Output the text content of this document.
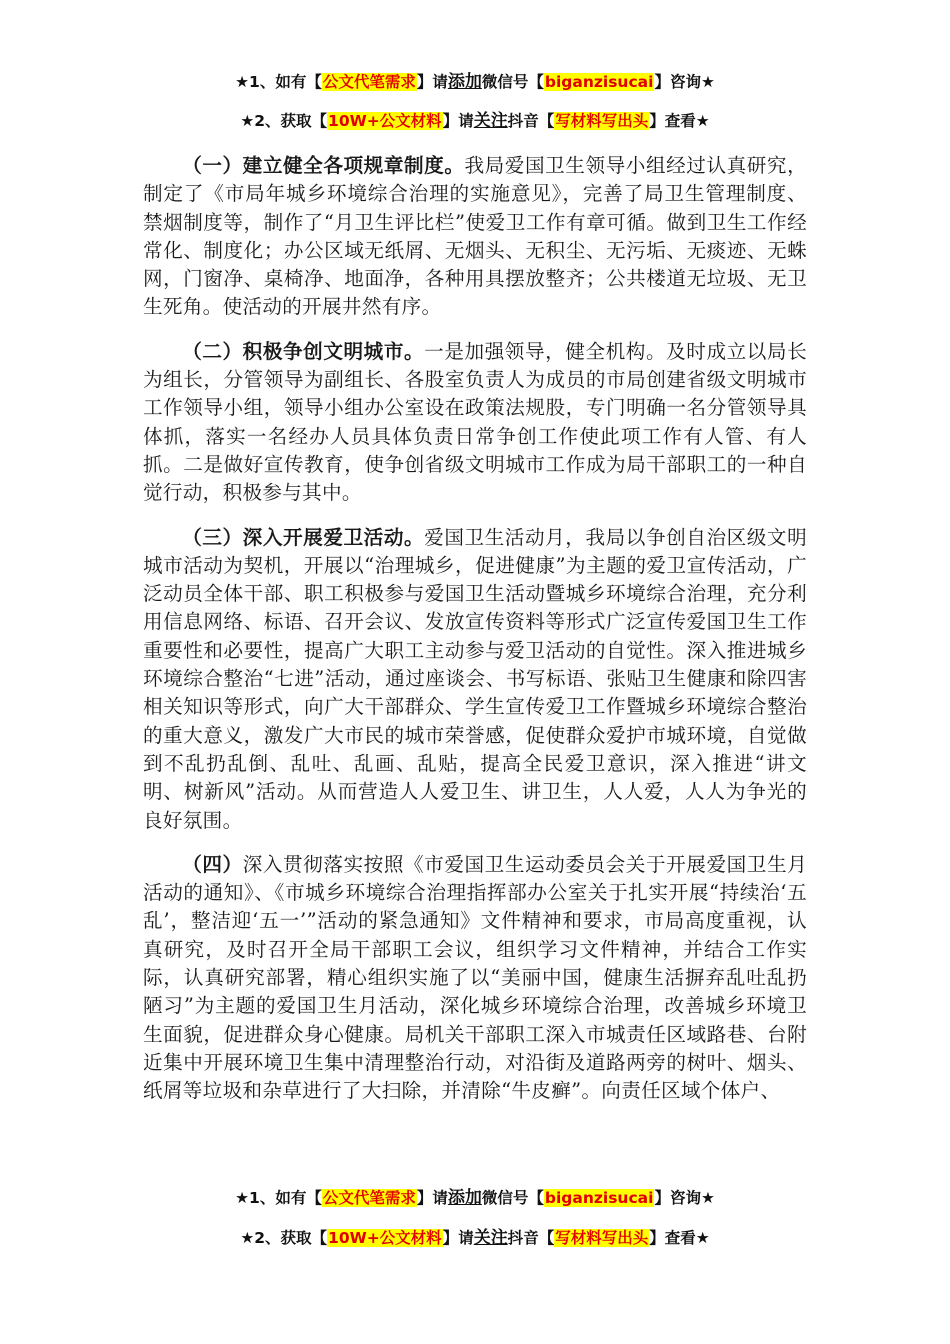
★1、如有【公文代笔需求】请添加微信号【biganzisucai】咨询★
★2、获取【10W+公文材料】请关注抖音【写材料写出头】查看★

（一）建立健全各项规章制度。我局爱国卫生领导小组经过认真研究，制定了《市局年城乡环境综合治理的实施意见》，完善了局卫生管理制度、禁烟制度等，制作了“月卫生评比栏”使爱卫工作有章可循。做到卫生工作经常化、制度化；办公区域无纸屑、无烟头、无积尘、无污垢、无痰迹、无蛛网，门窗净、桌椅净、地面净，各种用具摆放整齐；公共楼道无垃圾、无卫生死角。使活动的开展井然有序。

（二）积极争创文明城市。一是加强领导，健全机构。及时成立以局长为组长，分管领导为副组长、各股室负责人为成员的市局创建省级文明城市工作领导小组，领导小组办公室设在政策法规股，专门明确一名分管领导具体抓，落实一名经办人员具体负责日常争创工作使此项工作有人管、有人抓。二是做好宣传教育，使争创省级文明城市工作成为局干部职工的一种自觉行动，积极参与其中。

（三）深入开展爱卫活动。爱国卫生活动月，我局以争创自治区级文明城市活动为契机，开展以“治理城乡，促进健康”为主题的爱卫宣传活动，广泛动员全体干部、职工积极参与爱国卫生活动暨城乡环境综合治理，充分利用信息网络、标语、召开会议、发放宣传资料等形式广泛宣传爱国卫生工作重要性和必要性，提高广大职工主动参与爱卫活动的自觉性。深入推进城乡环境综合整治“七进”活动，通过座谈会、书写标语、张贴卫生健康和除四害相关知识等形式，向广大干部群众、学生宣传爱卫工作暨城乡环境综合整治的重大意义，激发广大市民的城市荣誉感，促使群众爱护市城环境，自觉做到不乱扔乱倒、乱吐、乱画、乱贴，提高全民爱卫意识，深入推进“讲文明、树新风”活动。从而营造人人爱卫生、讲卫生，人人爱，人人为争光的良好氛围。

（四）深入贯彻落实按照《市爱国卫生运动委员会关于开展爱国卫生月活动的通知》、《市城乡环境综合治理指挥部办公室关于扎实开展“持续治‘五乱’，整洁迎‘五一’”活动的紧急通知》文件精神和要求，市局高度重视，认真研究，及时召开全局干部职工会议，组织学习文件精神，并结合工作实际，认真研究部署，精心组织实施了以“美丽中国，健康生活摒弃乱吐乱扔陋习”为主题的爱国卫生月活动，深化城乡环境综合治理，改善城乡环境卫生面貌，促进群众身心健康。局机关干部职工深入市城责任区域路巷、台附近集中开展环境卫生集中清理整治行动，对沿街及道路两旁的树叶、烟头、纸屑等垃圾和杂草进行了大扫除，并清除“牛皮癣”。向责任区域个体户、

★1、如有【公文代笔需求】请添加微信号【biganzisucai】咨询★
★2、获取【10W+公文材料】请关注抖音【写材料写出头】查看★
